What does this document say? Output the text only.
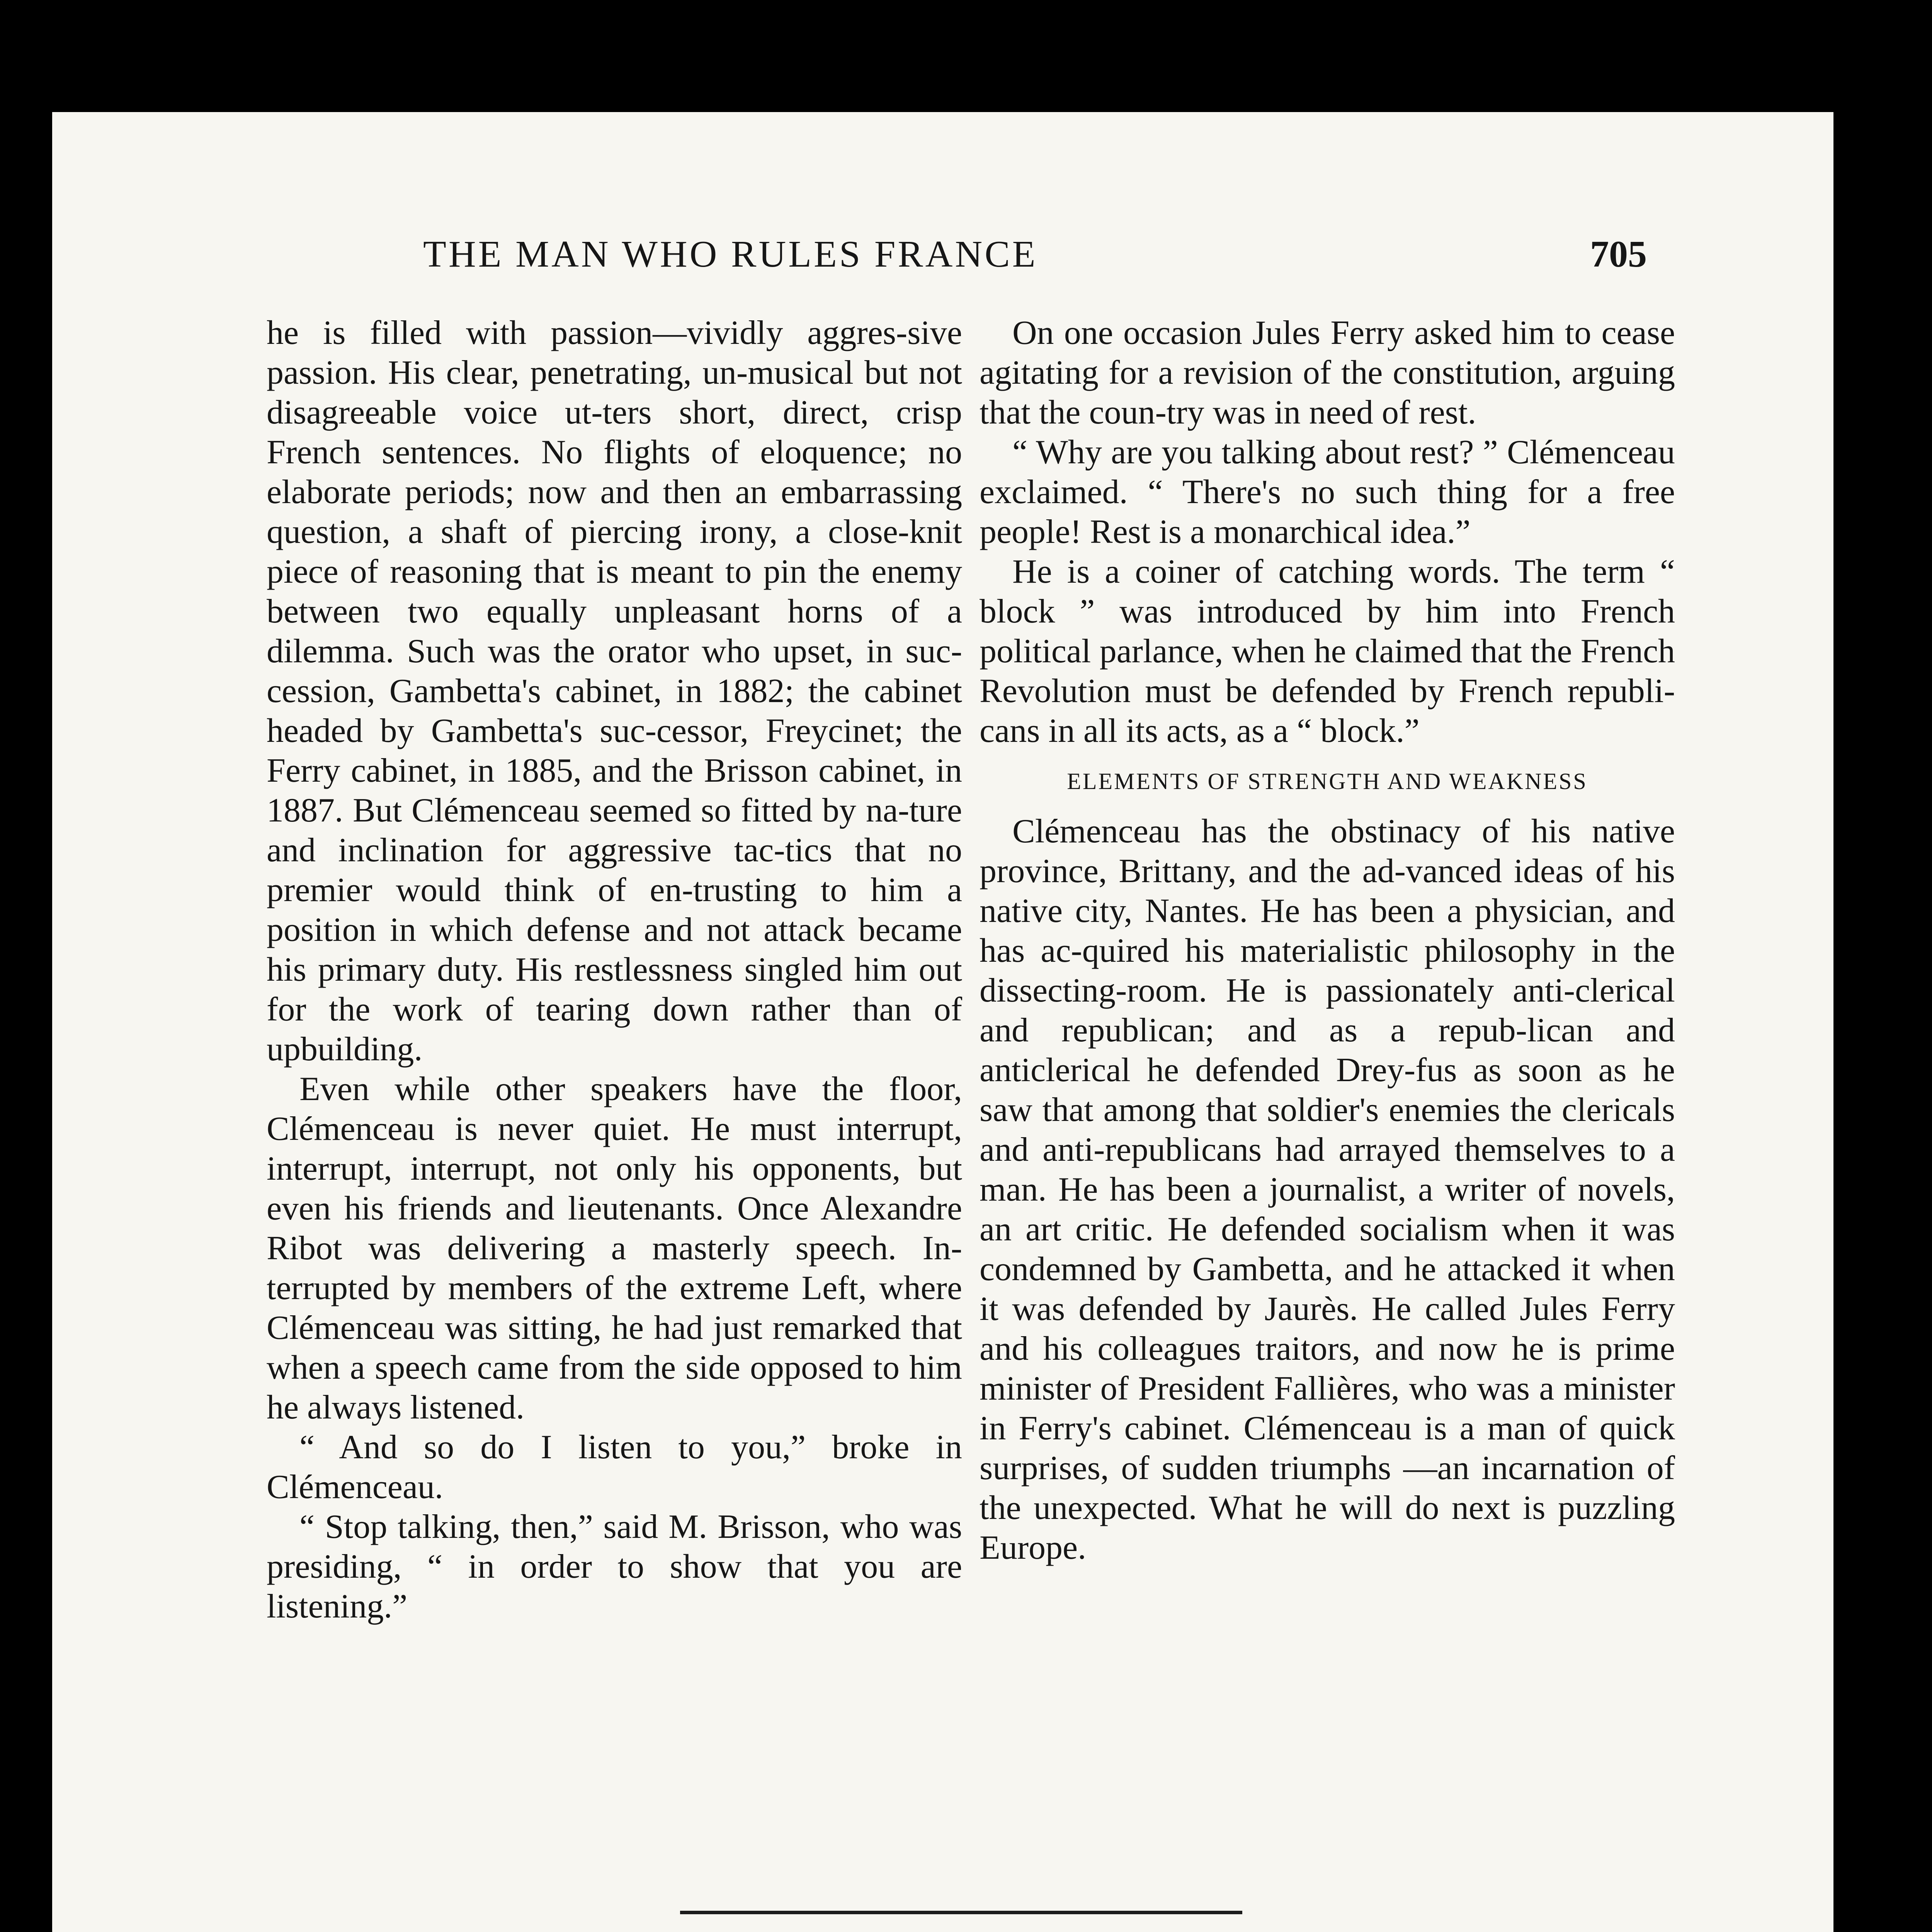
THE MAN WHO RULES FRANCE	705

he is filled with passion—vividly aggres-sive passion. His clear, penetrating, un-musical but not disagreeable voice ut-ters short, direct, crisp French sentences. No flights of eloquence; no elaborate periods; now and then an embarrassing question, a shaft of piercing irony, a close-knit piece of reasoning that is meant to pin the enemy between two equally unpleasant horns of a dilemma. Such was the orator who upset, in suc-cession, Gambetta's cabinet, in 1882; the cabinet headed by Gambetta's suc-cessor, Freycinet; the Ferry cabinet, in 1885, and the Brisson cabinet, in 1887. But Clémenceau seemed so fitted by na-ture and inclination for aggressive tac-tics that no premier would think of en-trusting to him a position in which defense and not attack became his primary duty. His restlessness singled him out for the work of tearing down rather than of upbuilding.

Even while other speakers have the floor, Clémenceau is never quiet. He must interrupt, interrupt, interrupt, not only his opponents, but even his friends and lieutenants. Once Alexandre Ribot was delivering a masterly speech. In-terrupted by members of the extreme Left, where Clémenceau was sitting, he had just remarked that when a speech came from the side opposed to him he always listened.

“ And so do I listen to you,” broke in Clémenceau.

“ Stop talking, then,” said M. Brisson, who was presiding, “ in order to show that you are listening.”

On one occasion Jules Ferry asked him to cease agitating for a revision of the constitution, arguing that the coun-try was in need of rest.

“ Why are you talking about rest? ” Clémenceau exclaimed. “ There's no such thing for a free people! Rest is a monarchical idea.”

He is a coiner of catching words. The term “ block ” was introduced by him into French political parlance, when he claimed that the French Revolution must be defended by French republi-cans in all its acts, as a “ block.”

ELEMENTS OF STRENGTH AND WEAKNESS

Clémenceau has the obstinacy of his native province, Brittany, and the ad-vanced ideas of his native city, Nantes. He has been a physician, and has ac-quired his materialistic philosophy in the dissecting-room. He is passionately anti-clerical and republican; and as a repub-lican and anticlerical he defended Drey-fus as soon as he saw that among that soldier's enemies the clericals and anti-republicans had arrayed themselves to a man. He has been a journalist, a writer of novels, an art critic. He defended socialism when it was condemned by Gambetta, and he attacked it when it was defended by Jaurès. He called Jules Ferry and his colleagues traitors, and now he is prime minister of President Fallières, who was a minister in Ferry's cabinet. Clémenceau is a man of quick surprises, of sudden triumphs —an incarnation of the unexpected. What he will do next is puzzling Europe.
